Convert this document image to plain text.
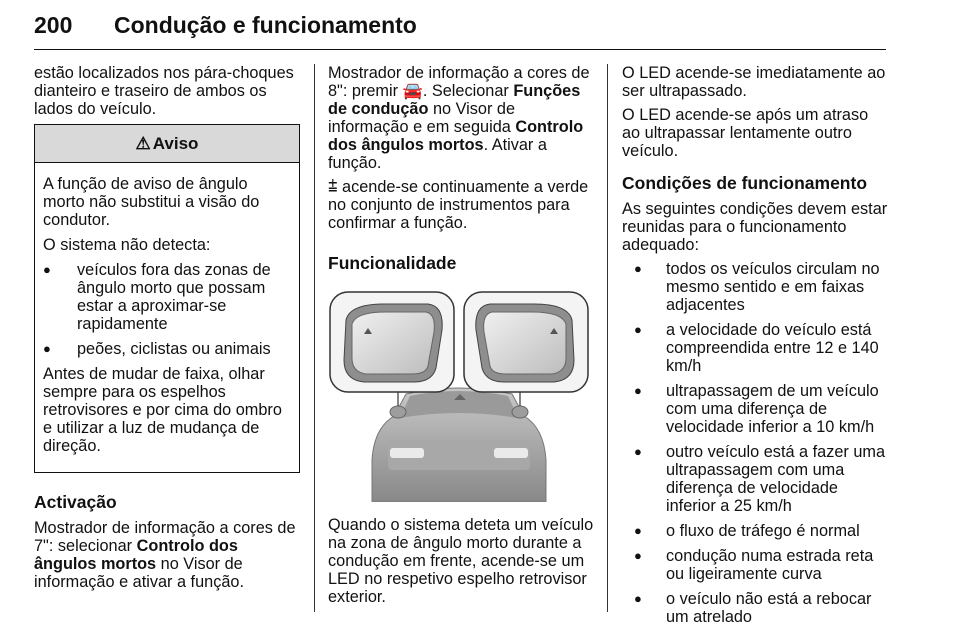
200 Condução e funcionamento

estão localizados nos pára-choques dianteiro e traseiro de ambos os lados do veículo.

⚠ Aviso

A função de aviso de ângulo morto não substitui a visão do condutor.

O sistema não detecta:

● veículos fora das zonas de ângulo morto que possam estar a aproximar-se rapidamente
● peões, ciclistas ou animais

Antes de mudar de faixa, olhar sempre para os espelhos retrovisores e por cima do ombro e utilizar a luz de mudança de direção.

Activação

Mostrador de informação a cores de 7": selecionar Controlo dos ângulos mortos no Visor de informação e ativar a função.

Mostrador de informação a cores de 8": premir 🚘. Selecionar Funções de condução no Visor de informação e em seguida Controlo dos ângulos mortos. Ativar a função.

⩲ acende-se continuamente a verde no conjunto de instrumentos para confirmar a função.

Funcionalidade

Quando o sistema deteta um veículo na zona de ângulo morto durante a condução em frente, acende-se um LED no respetivo espelho retrovisor exterior.

O LED acende-se imediatamente ao ser ultrapassado.

O LED acende-se após um atraso ao ultrapassar lentamente outro veículo.

Condições de funcionamento

As seguintes condições devem estar reunidas para o funcionamento adequado:

● todos os veículos circulam no mesmo sentido e em faixas adjacentes
● a velocidade do veículo está compreendida entre 12 e 140 km/h
● ultrapassagem de um veículo com uma diferença de velocidade inferior a 10 km/h
● outro veículo está a fazer uma ultrapassagem com uma diferença de velocidade inferior a 25 km/h
● o fluxo de tráfego é normal
● condução numa estrada reta ou ligeiramente curva
● o veículo não está a rebocar um atrelado
